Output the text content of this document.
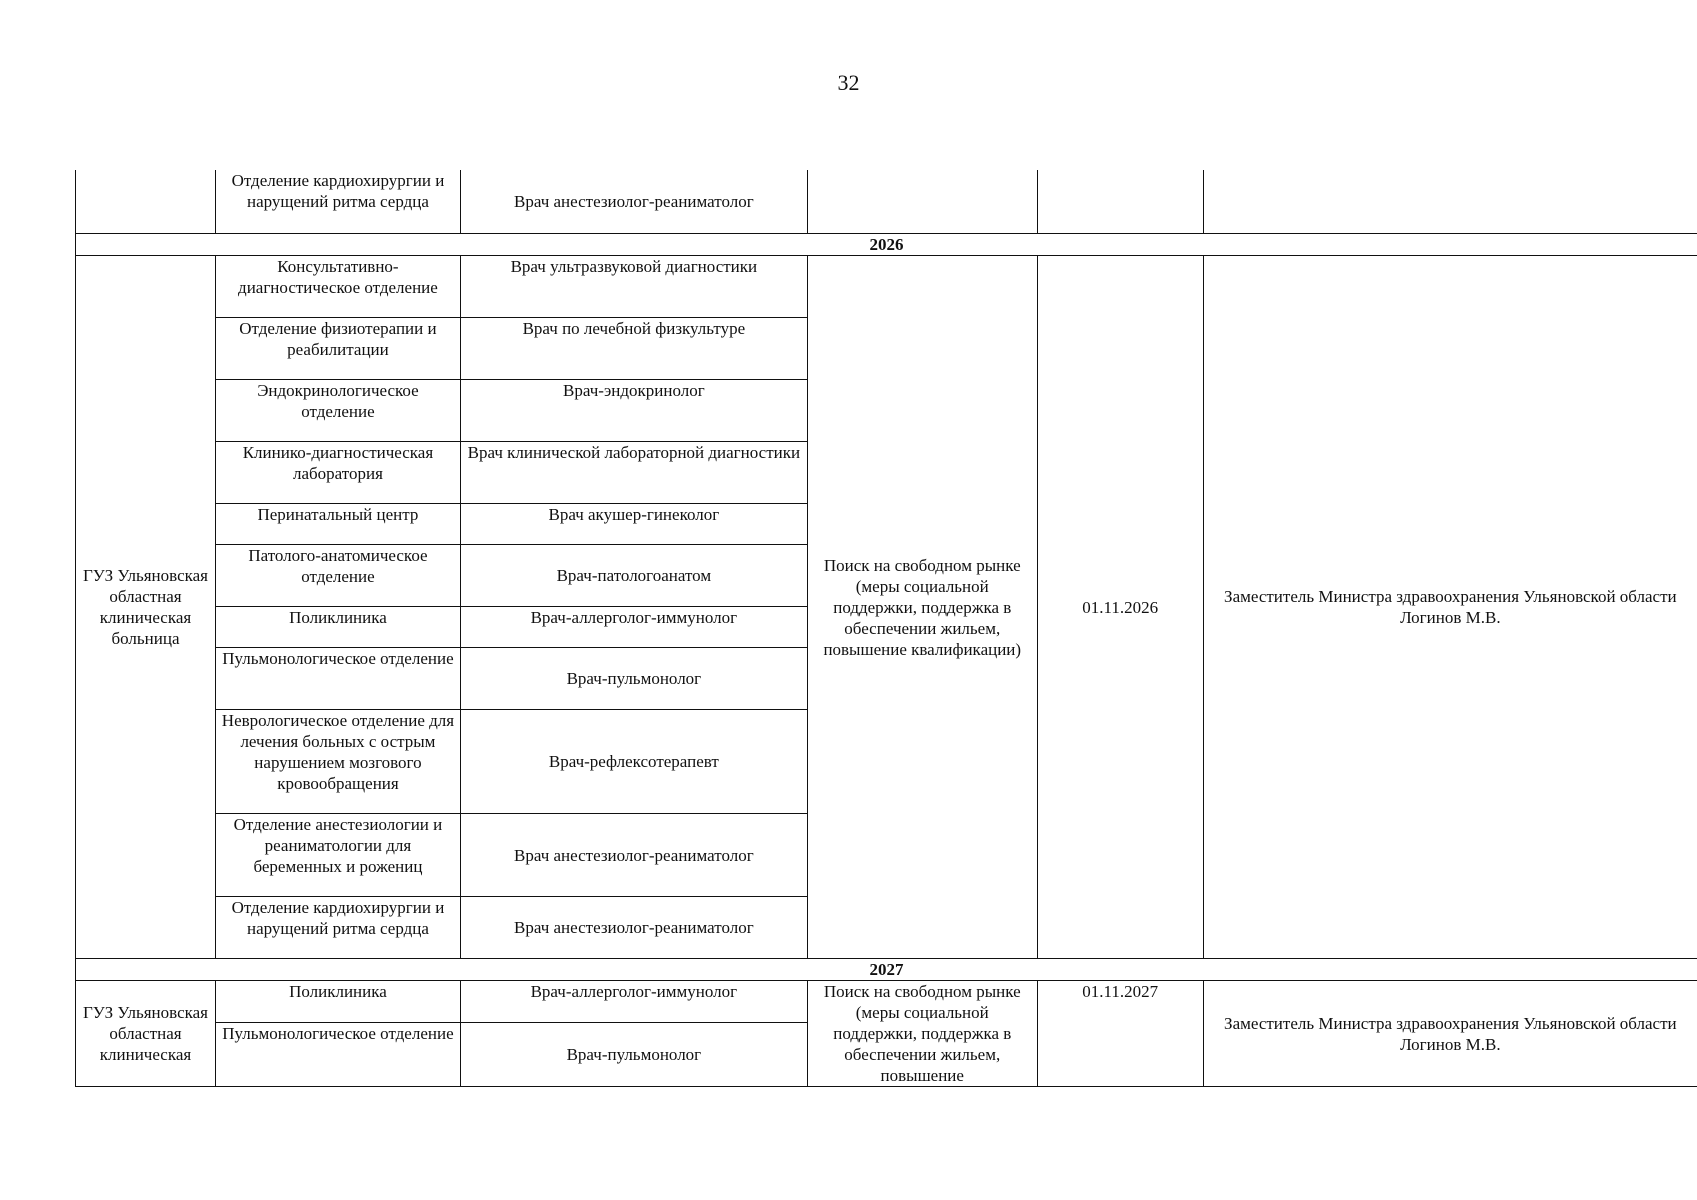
32

	Отделение кардиохирургии и нарущений ритма сердца	Врач анестезиолог-реаниматолог			

2026					
ГУЗ Ульяновская областная клиническая больница	Консультативно-диагностическое отделение	Врач ультразвуковой диагностики	Поиск на свободном рынке (меры социальной поддержки, поддержка в обеспечении жильем, повышение квалификации)	01.11.2026	Заместитель Министра здравоохранения Ульяновской области Логинов М.В.
	Отделение физиотерапии и реабилитации	Врач по лечебной физкультуре			
	Эндокринологическое отделение	Врач-эндокринолог			
	Клинико-диагностическая лаборатория	Врач клинической лабораторной диагностики			
	Перинатальный центр	Врач акушер-гинеколог			
	Патолого-анатомическое отделение	Врач-патологоанатом			
	Поликлиника	Врач-аллерголог-иммунолог			
	Пульмонологическое отделение	Врач-пульмонолог			
	Неврологическое отделение для лечения больных с острым нарушением мозгового кровообращения	Врач-рефлексотерапевт			
	Отделение анестезиологии и реаниматологии для беременных и рожениц	Врач анестезиолог-реаниматолог			
	Отделение кардиохирургии и нарущений ритма сердца	Врач анестезиолог-реаниматолог			
2027					

ГУЗ Ульяновская областная клиническая	Поликлиника	Врач-аллерголог-иммунолог	Поиск на свободном рынке (меры социальной поддержки, поддержка в обеспечении жильем, повышение	01.11.2027	Заместитель Министра здравоохранения Ульяновской области Логинов М.В.
	Пульмонологическое отделение	Врач-пульмонолог			
